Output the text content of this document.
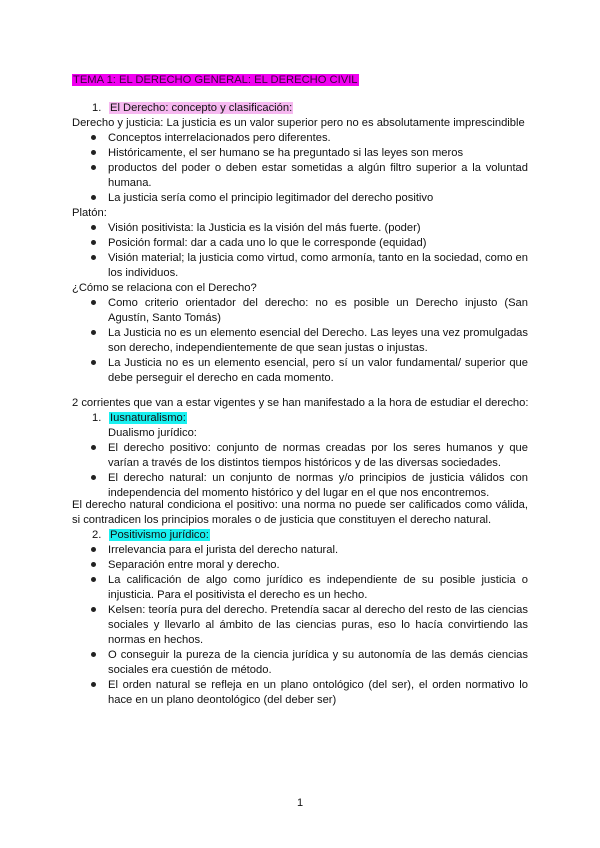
TEMA 1: EL DERECHO GENERAL: EL DERECHO CIVIL
1. El Derecho: concepto y clasificación:
Derecho y justicia: La justicia es un valor superior pero no es absolutamente imprescindible
Conceptos interrelacionados pero diferentes.
Históricamente, el ser humano se ha preguntado si las leyes son meros
productos del poder o deben estar sometidas a algún filtro superior a la voluntad humana.
La justicia sería como el principio legitimador del derecho positivo
Platón:
Visión positivista: la Justicia es la visión del más fuerte. (poder)
Posición formal: dar a cada uno lo que le corresponde (equidad)
Visión material; la justicia como virtud, como armonía, tanto en la sociedad, como en los individuos.
¿Cómo se relaciona con el Derecho?
Como criterio orientador del derecho: no es posible un Derecho injusto (San Agustín, Santo Tomás)
La Justicia no es un elemento esencial del Derecho. Las leyes una vez promulgadas son derecho, independientemente de que sean justas o injustas.
La Justicia no es un elemento esencial, pero sí un valor fundamental/ superior que debe perseguir el derecho en cada momento.
2 corrientes que van a estar vigentes y se han manifestado a la hora de estudiar el derecho:
1. Iusnaturalismo:
Dualismo jurídico:
El derecho positivo: conjunto de normas creadas por los seres humanos y que varían a través de los distintos tiempos históricos y de las diversas sociedades.
El derecho natural: un conjunto de normas y/o principios de justicia válidos con independencia del momento histórico y del lugar en el que nos encontremos.
El derecho natural condiciona el positivo: una norma no puede ser calificados como válida, si contradicen los principios morales o de justicia que constituyen el derecho natural.
2. Positivismo jurídico:
Irrelevancia para el jurista del derecho natural.
Separación entre moral y derecho.
La calificación de algo como jurídico es independiente de su posible justicia o injusticia. Para el positivista el derecho es un hecho.
Kelsen: teoría pura del derecho. Pretendía sacar al derecho del resto de las ciencias sociales y llevarlo al ámbito de las ciencias puras, eso lo hacía convirtiendo las normas en hechos.
O conseguir la pureza de la ciencia jurídica y su autonomía de las demás ciencias sociales era cuestión de método.
El orden natural se refleja en un plano ontológico (del ser), el orden normativo lo hace en un plano deontológico (del deber ser)
1
